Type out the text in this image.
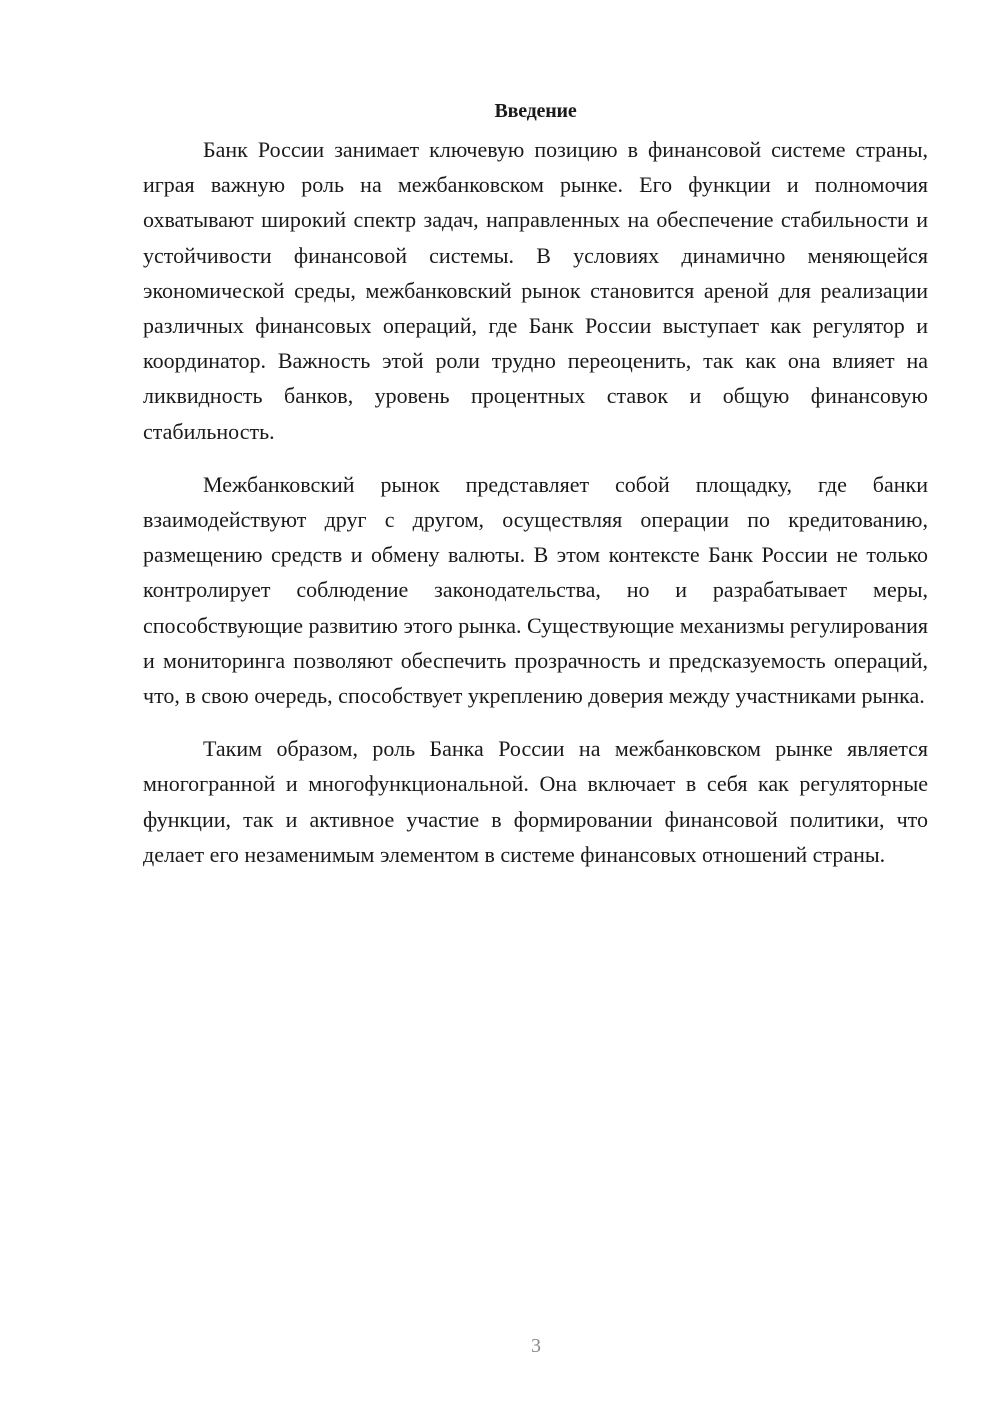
Введение

Банк России занимает ключевую позицию в финансовой системе страны, играя важную роль на межбанковском рынке. Его функции и полномочия охватывают широкий спектр задач, направленных на обеспечение стабильности и устойчивости финансовой системы. В условиях динамично меняющейся экономической среды, межбанковский рынок становится ареной для реализации различных финансовых операций, где Банк России выступает как регулятор и координатор. Важность этой роли трудно переоценить, так как она влияет на ликвидность банков, уровень процентных ставок и общую финансовую стабильность.

Межбанковский рынок представляет собой площадку, где банки взаимодействуют друг с другом, осуществляя операции по кредитованию, размещению средств и обмену валюты. В этом контексте Банк России не только контролирует соблюдение законодательства, но и разрабатывает меры, способствующие развитию этого рынка. Существующие механизмы регулирования и мониторинга позволяют обеспечить прозрачность и предсказуемость операций, что, в свою очередь, способствует укреплению доверия между участниками рынка.

Таким образом, роль Банка России на межбанковском рынке является многогранной и многофункциональной. Она включает в себя как регуляторные функции, так и активное участие в формировании финансовой политики, что делает его незаменимым элементом в системе финансовых отношений страны.

3
